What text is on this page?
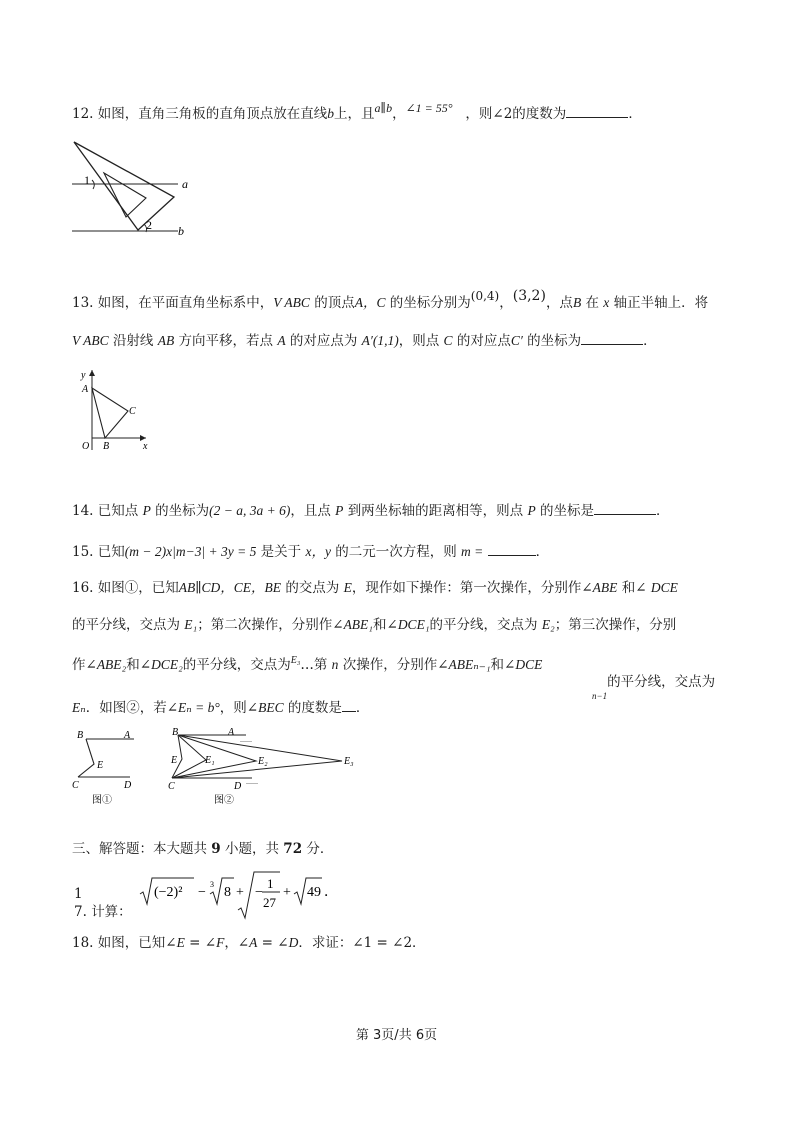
12. 如图，直角三角板的直角顶点放在直线b上，且a∥b，∠1 = 55° ，则∠2的度数为	．
1
2
a
b
13. 如图，在平面直角坐标系中，V ABC 的顶点A，C 的坐标分别为(0,4)，(3,2)，点B 在 x 轴正半轴上．将
V ABC 沿射线 AB 方向平移，若点 A 的对应点为 A′(1,1)，则点 C 的对应点C′ 的坐标为	．
y
x
O
A
B
C
14. 已知点 P 的坐标为(2 − a, 3a + 6)，且点 P 到两坐标轴的距离相等，则点 P 的坐标是	．
15. 已知(m − 2)x|m−3| + 3y = 5 是关于 x，y 的二元一次方程，则 m =	．
16. 如图①，已知AB∥CD，CE，BE 的交点为 E，现作如下操作：第一次操作，分别作∠ABE 和∠ DCE
的平分线，交点为 E₁；第二次操作，分别作∠ABE₁和∠DCE₁的平分线，交点为 E₂；第三次操作，分别
作∠ABE₂和∠DCE₂的平分线，交点为$^{E_3}$…第 n 次操作，分别作∠ABEₙ₋₁和∠DCE
$_{n-1}$的平分线，交点为
Eₙ．如图②，若∠Eₙ = b°，则∠BEC 的度数是 ．
B	A
E
C	D
图①
......
......
B	A
E	E₁	E₂	E₃
C	D
图②
三、解答题：本大题共 9 小题，共 72 分．
1
7. 计算：
(−2)² −
3
8 + −
1
27
+ 49 ．
18. 如图，已知∠E = ∠F，∠A = ∠D．求证：∠1 = ∠2．
第 3页/共 6页
